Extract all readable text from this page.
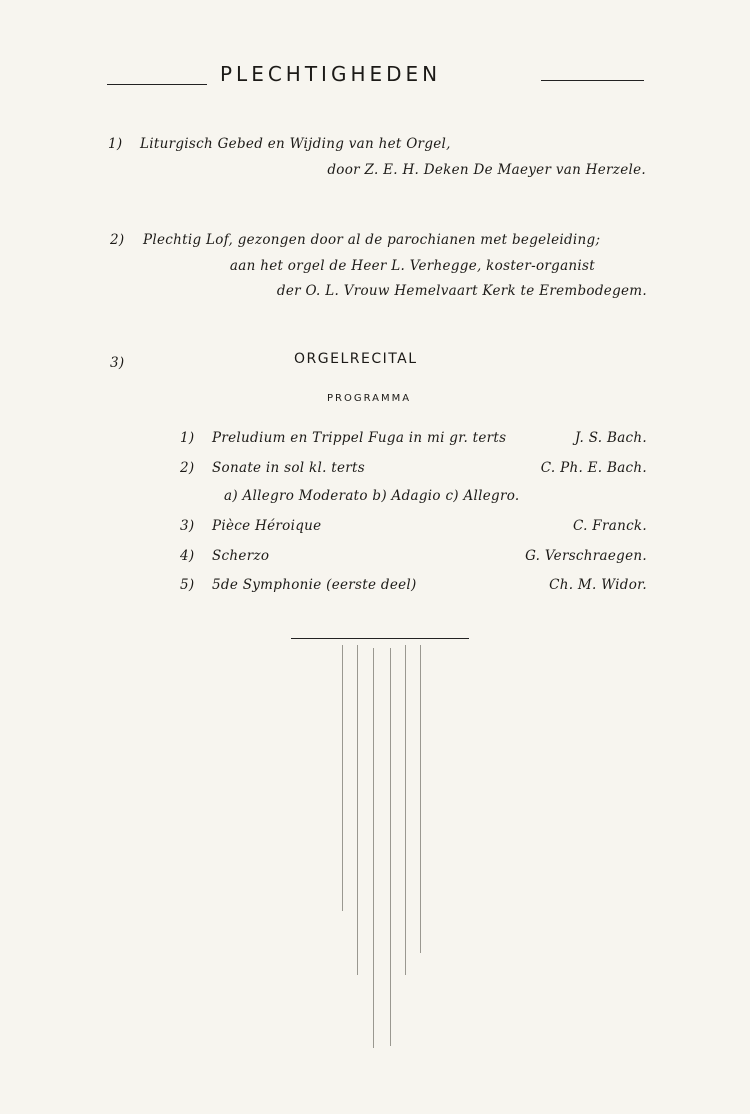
PLECHTIGHEDEN
1) Liturgisch Gebed en Wijding van het Orgel,
door Z. E. H. Deken De Maeyer van Herzele.
2) Plechtig Lof, gezongen door al de parochianen met begeleiding;
aan het orgel de Heer L. Verhegge, koster-organist
der O. L. Vrouw Hemelvaart Kerk te Erembodegem.
3)	ORGELRECITAL
PROGRAMMA
1) Preludium en Trippel Fuga in mi gr. terts	J. S. Bach.
2) Sonate in sol kl. terts	C. Ph. E. Bach.
a) Allegro Moderato b) Adagio c) Allegro.
3) Pièce Héroique	C. Franck.
4) Scherzo	G. Verschraegen.
5) 5de Symphonie (eerste deel)	Ch. M. Widor.
